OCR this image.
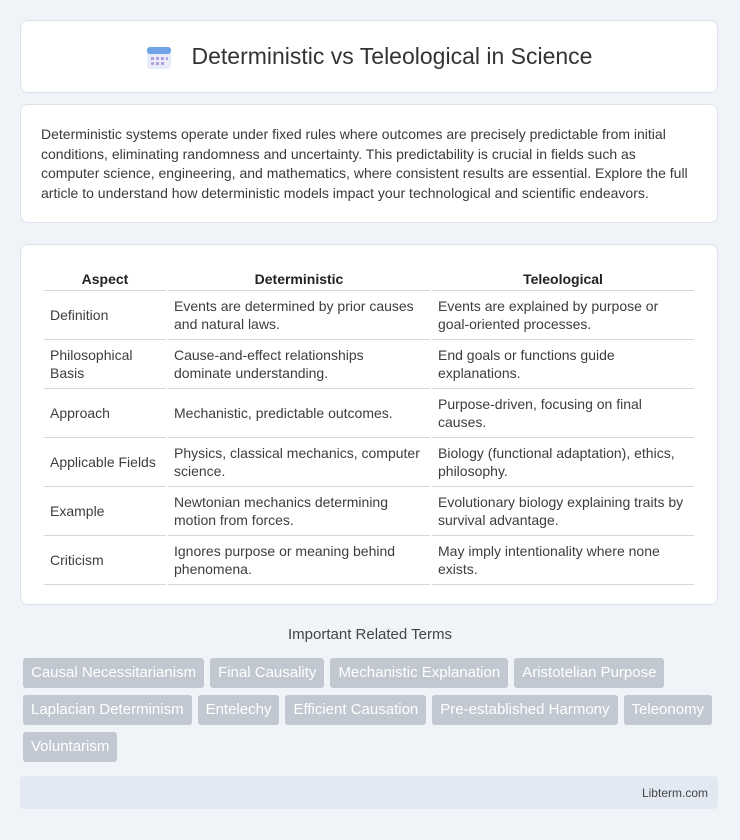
Deterministic vs Teleological in Science

Deterministic systems operate under fixed rules where outcomes are precisely predictable from initial conditions, eliminating randomness and uncertainty. This predictability is crucial in fields such as computer science, engineering, and mathematics, where consistent results are essential. Explore the full article to understand how deterministic models impact your technological and scientific endeavors.

Aspect	Deterministic	Teleological
Definition	Events are determined by prior causes and natural laws.	Events are explained by purpose or goal-oriented processes.
Philosophical Basis	Cause-and-effect relationships dominate understanding.	End goals or functions guide explanations.
Approach	Mechanistic, predictable outcomes.	Purpose-driven, focusing on final causes.
Applicable Fields	Physics, classical mechanics, computer science.	Biology (functional adaptation), ethics, philosophy.
Example	Newtonian mechanics determining motion from forces.	Evolutionary biology explaining traits by survival advantage.
Criticism	Ignores purpose or meaning behind phenomena.	May imply intentionality where none exists.
Important Related Terms
Causal Necessitarianism	Final Causality	Mechanistic Explanation	Aristotelian Purpose
Laplacian Determinism	Entelechy	Efficient Causation	Pre-established Harmony	Teleonomy
Voluntarism
Libterm.com
